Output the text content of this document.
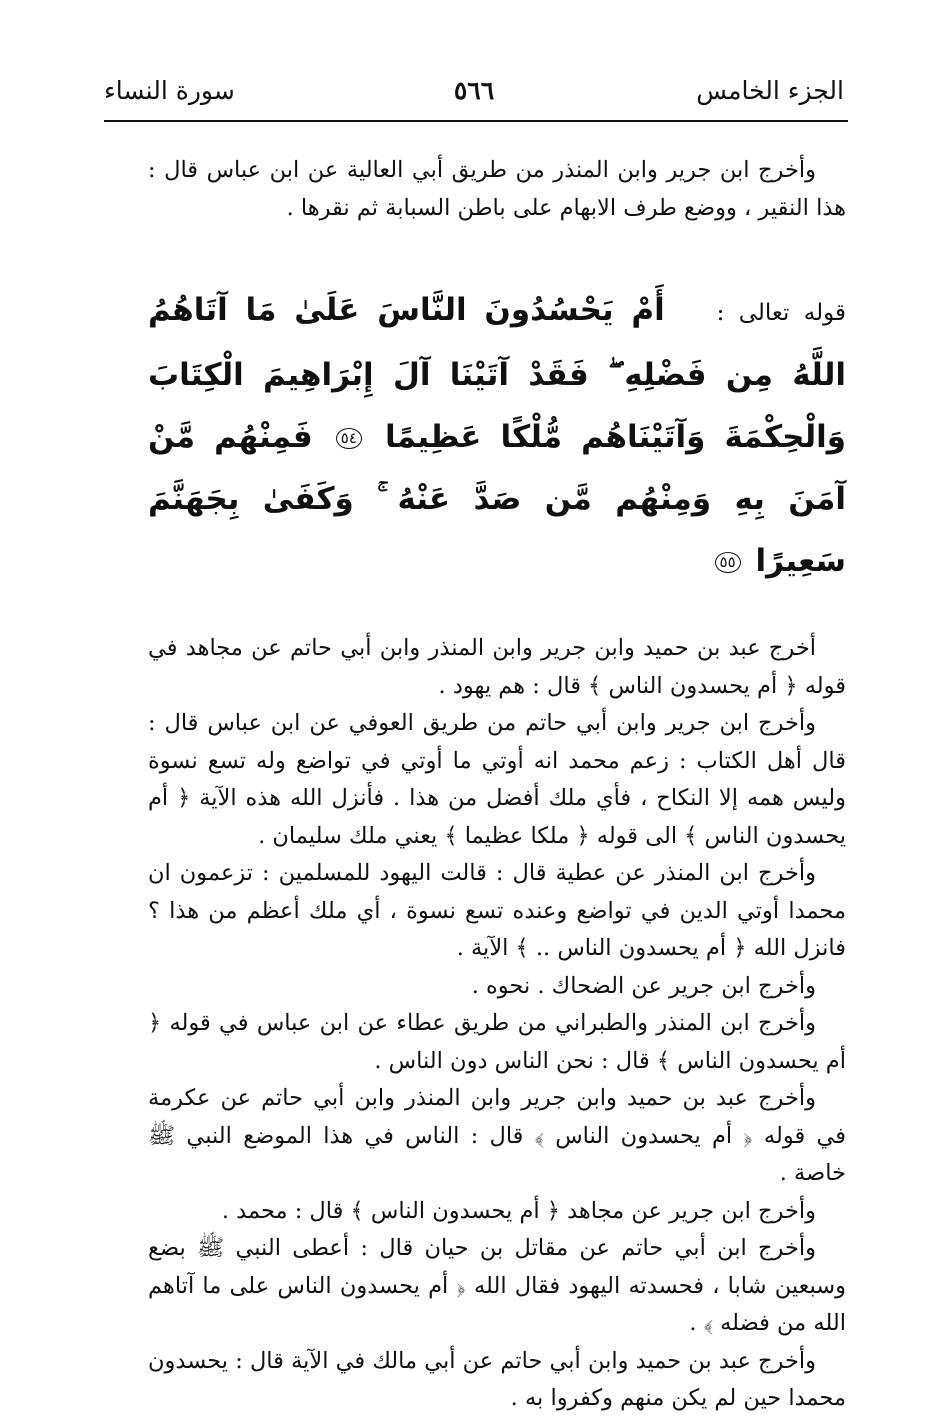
الجزء الخامس
٥٦٦
سورة النساء

وأخرج ابن جرير وابن المنذر من طريق أبي العالية عن ابن عباس قال : هذا النقير ، ووضع طرف الابهام على باطن السبابة ثم نقرها .

قوله تعالى : أَمْ يَحْسُدُونَ النَّاسَ عَلَىٰ مَا آتَاهُمُ اللَّهُ مِن فَضْلِهِ ۖ فَقَدْ آتَيْنَا آلَ إِبْرَاهِيمَ الْكِتَابَ وَالْحِكْمَةَ وَآتَيْنَاهُم مُّلْكًا عَظِيمًا ٥٤ فَمِنْهُم مَّنْ آمَنَ بِهِ وَمِنْهُم مَّن صَدَّ عَنْهُ ۚ وَكَفَىٰ بِجَهَنَّمَ سَعِيرًا ٥٥

أخرج عبد بن حميد وابن جرير وابن المنذر وابن أبي حاتم عن مجاهد في قوله ﴿ أم يحسدون الناس ﴾ قال : هم يهود .

وأخرج ابن جرير وابن أبي حاتم من طريق العوفي عن ابن عباس قال : قال أهل الكتاب : زعم محمد انه أوتي ما أوتي في تواضع وله تسع نسوة وليس همه إلا النكاح ، فأي ملك أفضل من هذا . فأنزل الله هذه الآية ﴿ أم يحسدون الناس ﴾ الى قوله ﴿ ملكا عظيما ﴾ يعني ملك سليمان .

وأخرج ابن المنذر عن عطية قال : قالت اليهود للمسلمين : تزعمون ان محمدا أوتي الدين في تواضع وعنده تسع نسوة ، أي ملك أعظم من هذا ؟ فانزل الله ﴿ أم يحسدون الناس .. ﴾ الآية .

وأخرج ابن جرير عن الضحاك . نحوه .

وأخرج ابن المنذر والطبراني من طريق عطاء عن ابن عباس في قوله ﴿ أم يحسدون الناس ﴾ قال : نحن الناس دون الناس .

وأخرج عبد بن حميد وابن جرير وابن المنذر وابن أبي حاتم عن عكرمة في قوله ﴿ أم يحسدون الناس ﴾ قال : الناس في هذا الموضع النبي ﷺ خاصة .

وأخرج ابن جرير عن مجاهد ﴿ أم يحسدون الناس ﴾ قال : محمد .

وأخرج ابن أبي حاتم عن مقاتل بن حيان قال : أعطى النبي ﷺ بضع وسبعين شابا ، فحسدته اليهود فقال الله ﴿ أم يحسدون الناس على ما آتاهم الله من فضله ﴾ .

وأخرج عبد بن حميد وابن أبي حاتم عن أبي مالك في الآية قال : يحسدون محمدا حين لم يكن منهم وكفروا به .
